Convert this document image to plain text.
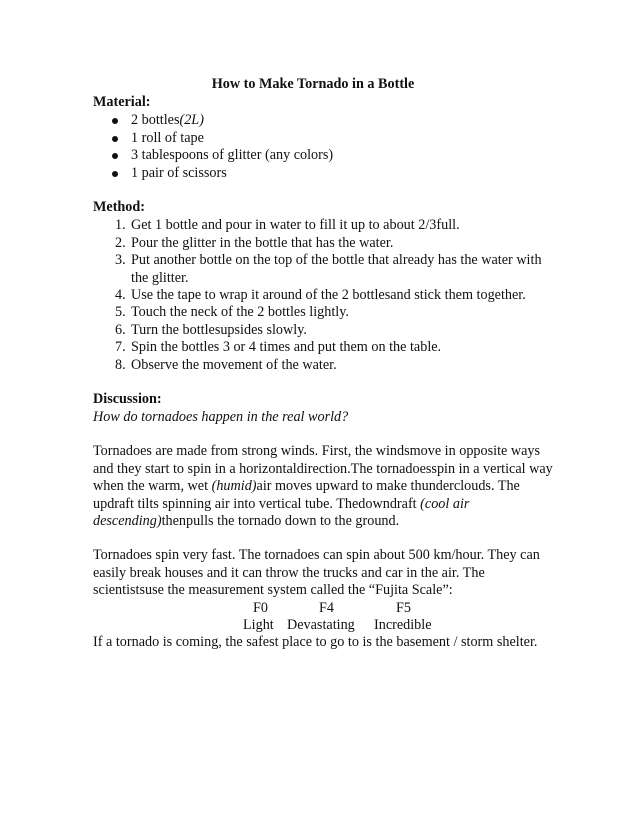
How to Make Tornado in a Bottle
Material:
2 bottles(2L)
1 roll of tape
3 tablespoons of glitter (any colors)
1 pair of scissors
Method:
1. Get 1 bottle and pour in water to fill it up to about 2/3full.
2. Pour the glitter in the bottle that has the water.
3. Put another bottle on the top of the bottle that already has the water with the glitter.
4. Use the tape to wrap it around of the 2 bottlesand stick them together.
5. Touch the neck of the 2 bottles lightly.
6. Turn the bottlesupsides slowly.
7. Spin the bottles 3 or 4 times and put them on the table.
8. Observe the movement of the water.
Discussion:
How do tornadoes happen in the real world?
Tornadoes are made from strong winds. First, the windsmove in opposite ways and they start to spin in a horizontaldirection.The tornadoesspin in a vertical way when the warm, wet (humid)air moves upward to make thunderclouds. The updraft tilts spinning air into vertical tube. Thedowndraft (cool air descending)thenpulls the tornado down to the ground.
Tornadoes spin very fast. The tornadoes can spin about 500 km/hour. They can easily break houses and it can throw the trucks and car in the air. The scientistsuse the measurement system called the “Fujita Scale”:
F0	F4	F5
Light Devastating Incredible
If a tornado is coming, the safest place to go to is the basement / storm shelter.
